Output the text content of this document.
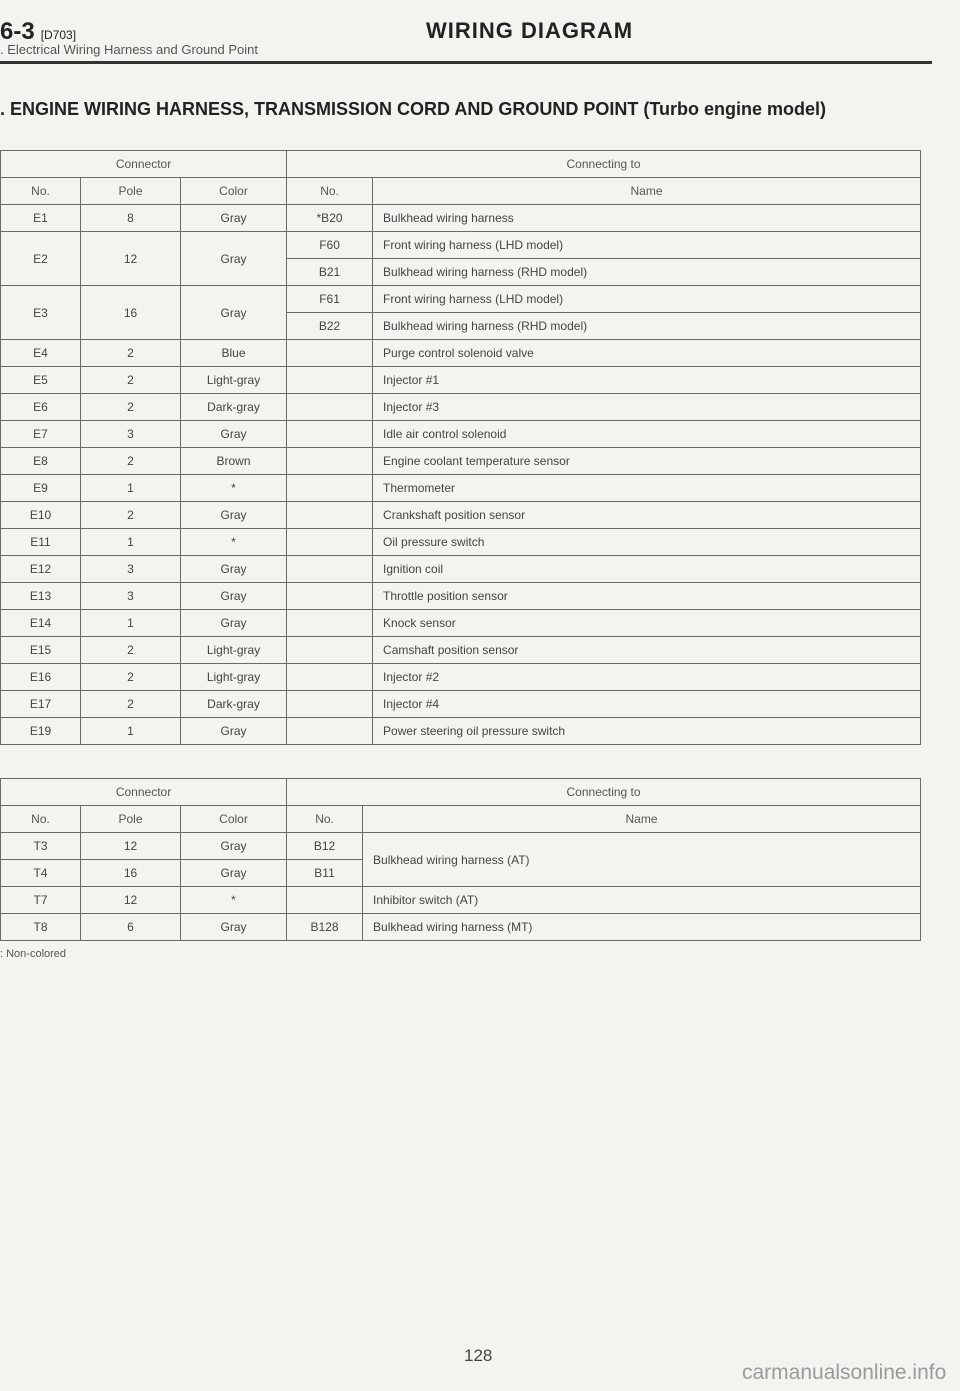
6-3 [D703]	WIRING DIAGRAM
. Electrical Wiring Harness and Ground Point
. ENGINE WIRING HARNESS, TRANSMISSION CORD AND GROUND POINT (Turbo engine model)
Connector			Connecting to	
No.	Pole	Color	No.	Name
E1	8	Gray	*B20	Bulkhead wiring harness
E2	12	Gray	F60	Front wiring harness (LHD model)
			B21	Bulkhead wiring harness (RHD model)
E3	16	Gray	F61	Front wiring harness (LHD model)
			B22	Bulkhead wiring harness (RHD model)
E4	2	Blue		Purge control solenoid valve
E5	2	Light-gray		Injector #1
E6	2	Dark-gray		Injector #3
E7	3	Gray		Idle air control solenoid
E8	2	Brown		Engine coolant temperature sensor
E9	1	*		Thermometer
E10	2	Gray		Crankshaft position sensor
E11	1	*		Oil pressure switch
E12	3	Gray		Ignition coil
E13	3	Gray		Throttle position sensor
E14	1	Gray		Knock sensor
E15	2	Light-gray		Camshaft position sensor
E16	2	Light-gray		Injector #2
E17	2	Dark-gray		Injector #4
E19	1	Gray		Power steering oil pressure switch
Connector			Connecting to	
No.	Pole	Color	No.	Name
T3	12	Gray	B12	Bulkhead wiring harness (AT)
T4	16	Gray	B11	
T7	12	*		Inhibitor switch (AT)
T8	6	Gray	B128	Bulkhead wiring harness (MT)
: Non-colored
128
carmanualsonline.info
